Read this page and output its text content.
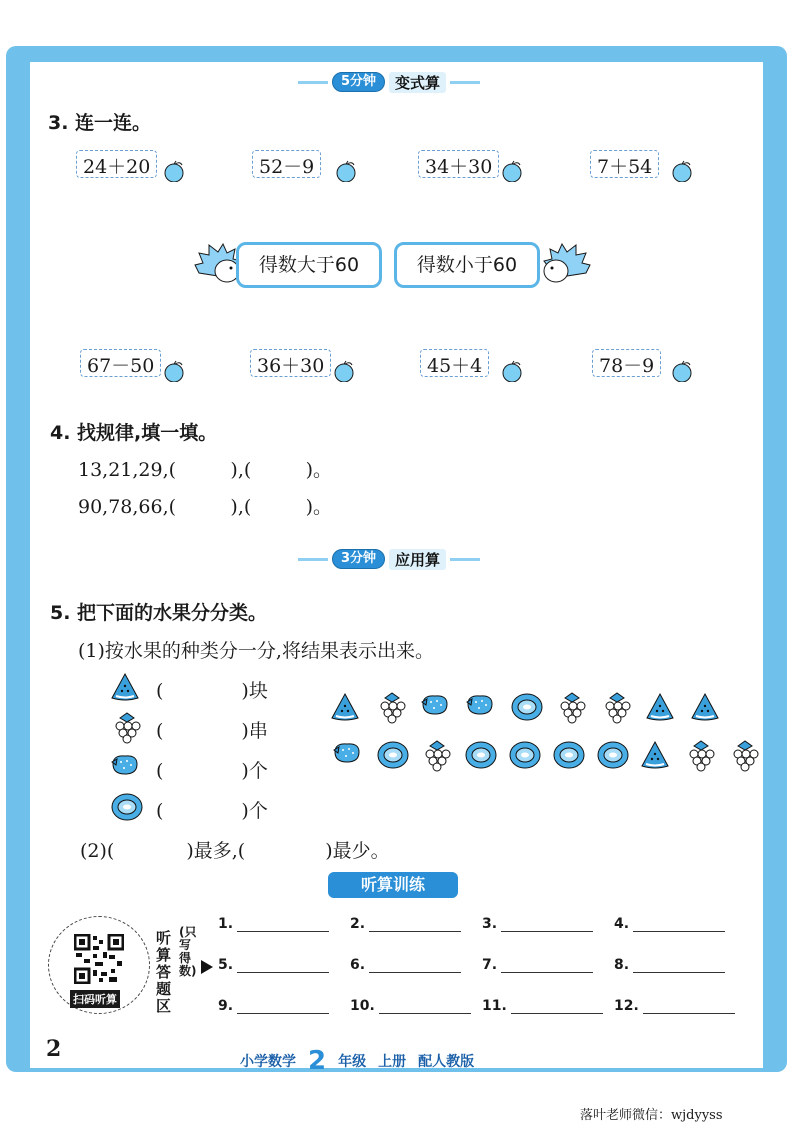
5分钟	变式算
3. 连一连。
24＋20	52－9	34＋30	7＋54
得数大于60	得数小于60
67－50	36＋30	45＋4	78－9
4. 找规律,填一填。
13,21,29,(         ),(         )。
90,78,66,(         ),(         )。
3分钟	应用算
5. 把下面的水果分分类。
(1)按水果的种类分一分,将结果表示出来。
(	)块
(	)串
(	)个
(	)个
(2)(	)最多,(	)最少。
听算训练
扫码听算
听算答题区
(只写得数)
1.	2.	3.	4.
5.	6.	7.	8.
9.	10.	11.	12.
2	小学数学 2 年级 上册 配人教版
落叶老师微信：wjdyyss
